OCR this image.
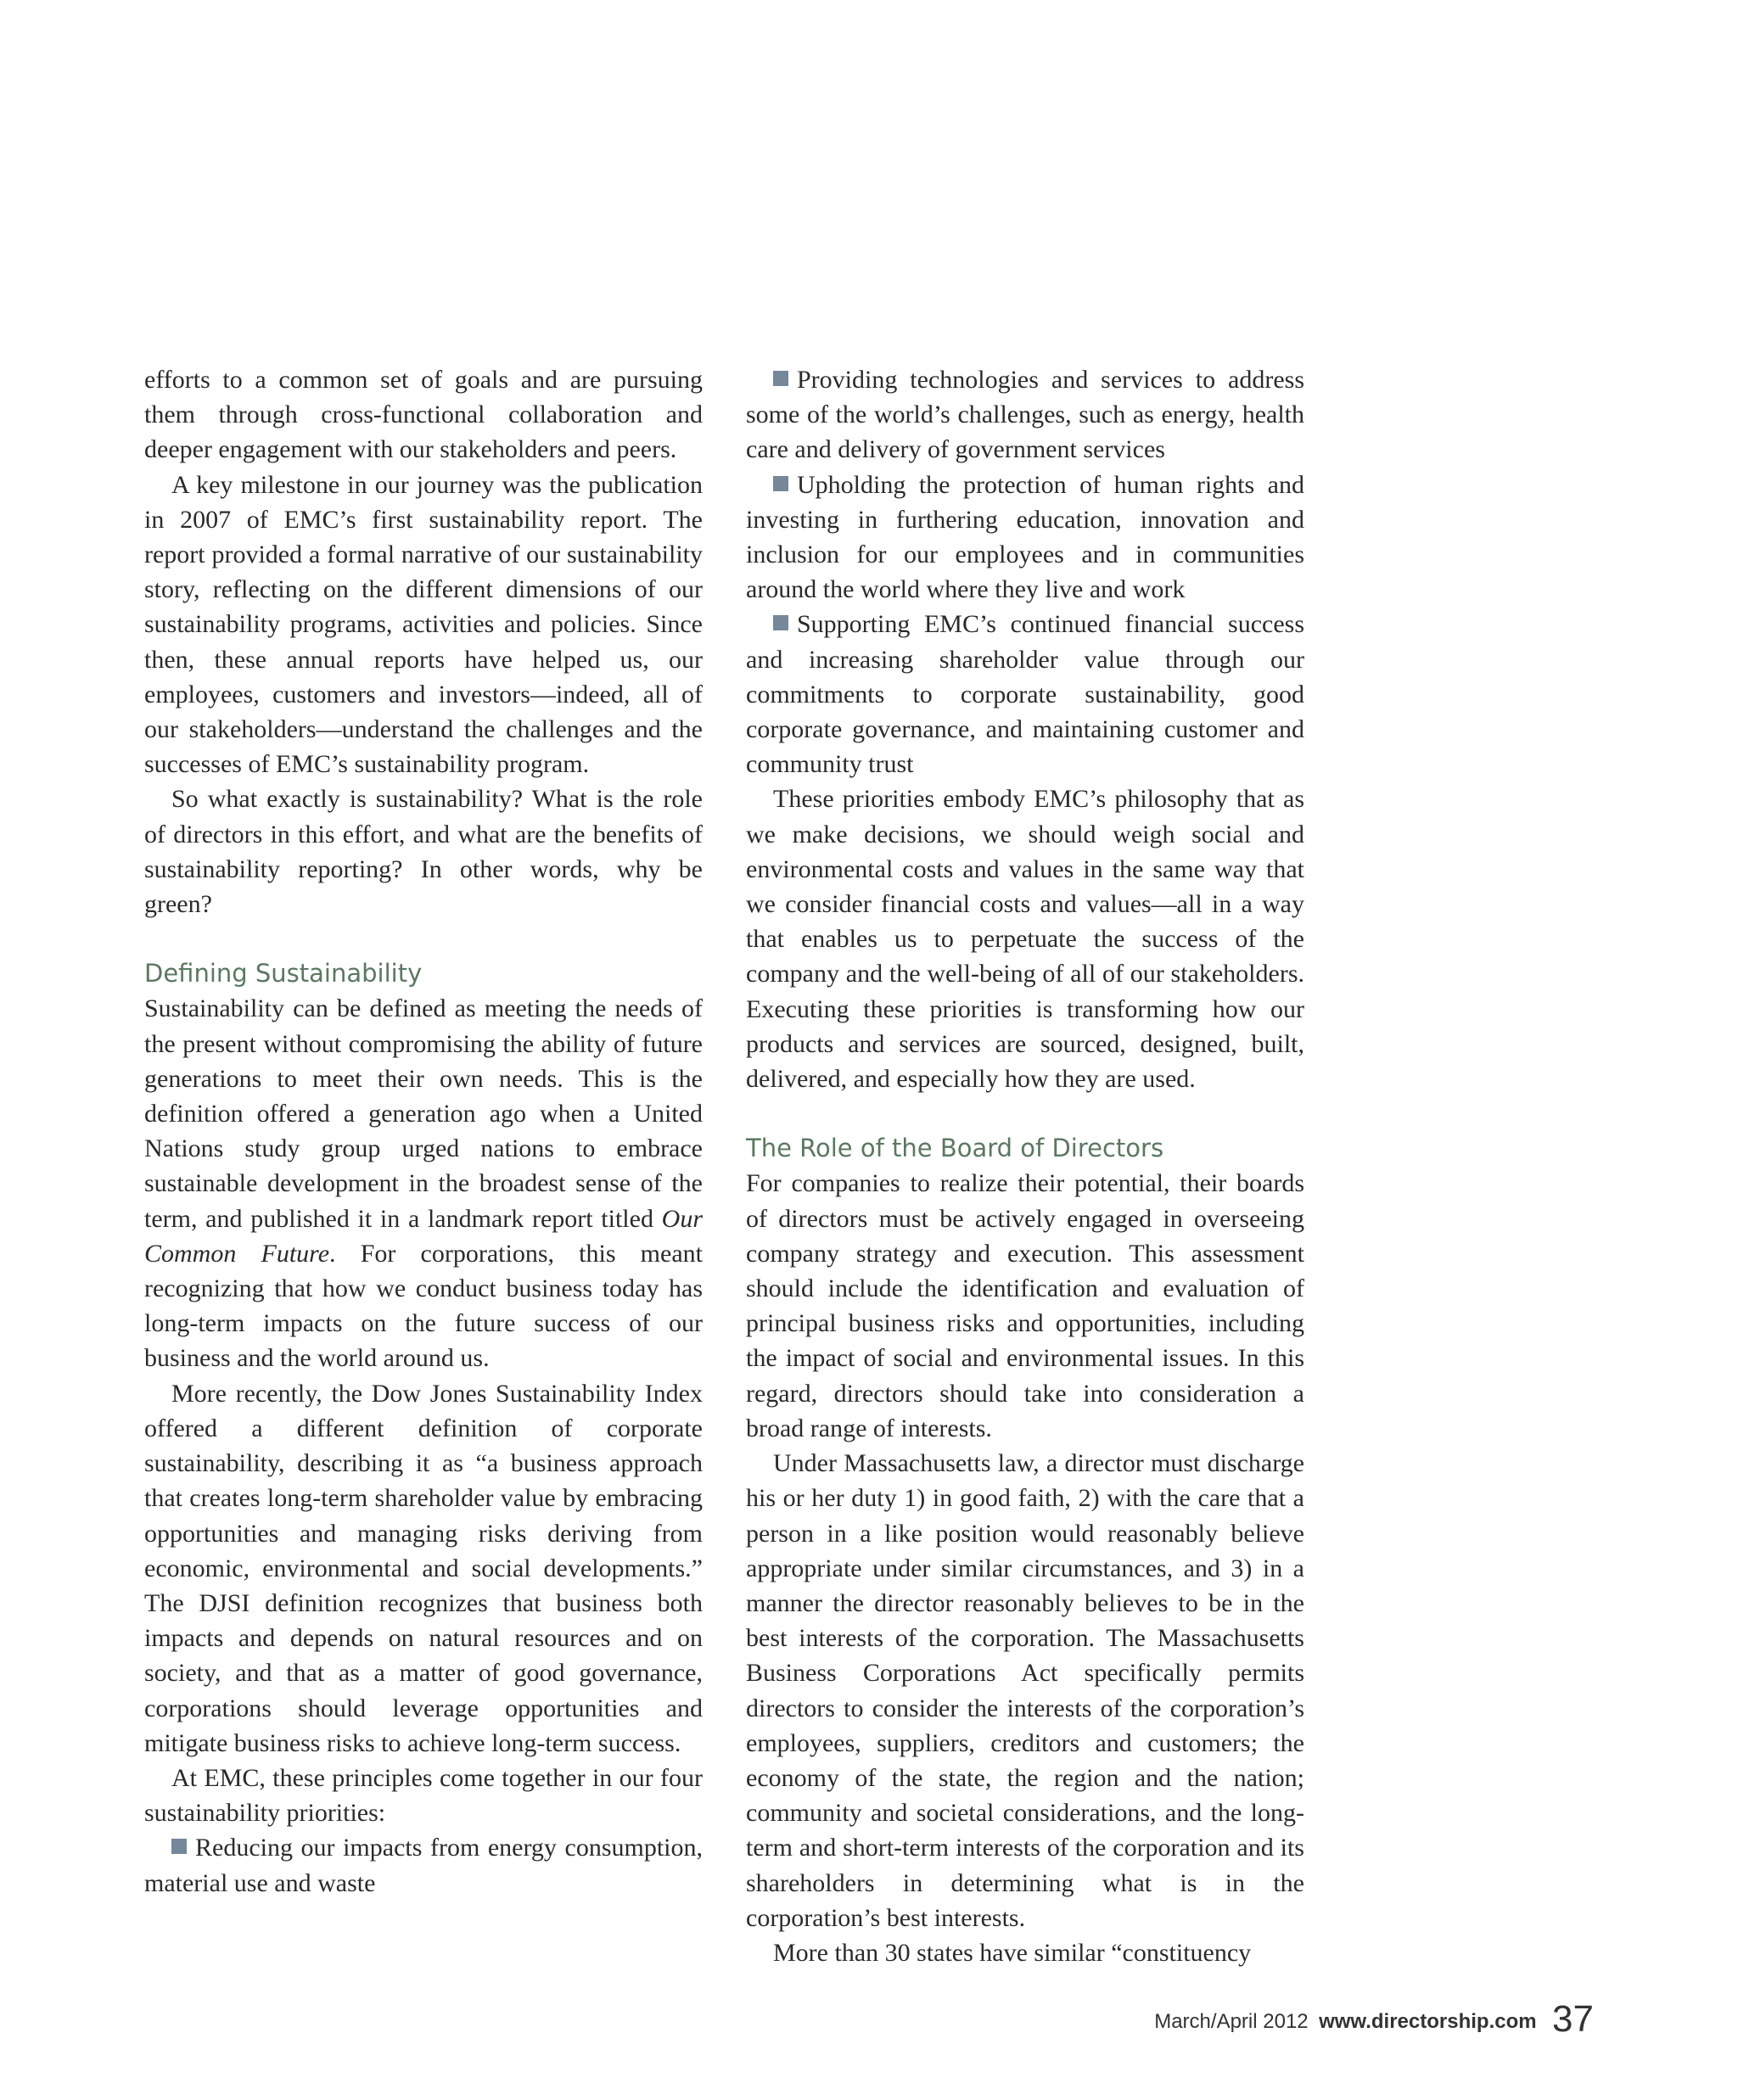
efforts to a common set of goals and are pursuing them through cross-functional collaboration and deeper engagement with our stakeholders and peers.

A key milestone in our journey was the publication in 2007 of EMC’s first sustainability report. The report provided a formal narrative of our sustainability story, reflecting on the different dimensions of our sustainability programs, activities and policies. Since then, these annual reports have helped us, our employees, customers and investors—indeed, all of our stakeholders—understand the challenges and the successes of EMC’s sustainability program.

So what exactly is sustainability? What is the role of directors in this effort, and what are the benefits of sustainability reporting? In other words, why be green?

Defining Sustainability

Sustainability can be defined as meeting the needs of the present without compromising the ability of future generations to meet their own needs. This is the definition offered a generation ago when a United Nations study group urged nations to embrace sustainable development in the broadest sense of the term, and published it in a landmark report titled Our Common Future. For corporations, this meant recognizing that how we conduct business today has long-term impacts on the future success of our business and the world around us.

More recently, the Dow Jones Sustainability Index offered a different definition of corporate sustainability, describing it as “a business approach that creates long-term shareholder value by embracing opportunities and managing risks deriving from economic, environmental and social developments.” The DJSI definition recognizes that business both impacts and depends on natural resources and on society, and that as a matter of good governance, corporations should leverage opportunities and mitigate business risks to achieve long-term success.

At EMC, these principles come together in our four sustainability priorities:

Reducing our impacts from energy consumption, material use and waste

Providing technologies and services to address some of the world’s challenges, such as energy, health care and delivery of government services

Upholding the protection of human rights and investing in furthering education, innovation and inclusion for our employees and in communities around the world where they live and work

Supporting EMC’s continued financial success and increasing shareholder value through our commitments to corporate sustainability, good corporate governance, and maintaining customer and community trust

These priorities embody EMC’s philosophy that as we make decisions, we should weigh social and environmental costs and values in the same way that we consider financial costs and values—all in a way that enables us to perpetuate the success of the company and the well-being of all of our stakeholders. Executing these priorities is transforming how our products and services are sourced, designed, built, delivered, and especially how they are used.

The Role of the Board of Directors

For companies to realize their potential, their boards of directors must be actively engaged in overseeing company strategy and execution. This assessment should include the identification and evaluation of principal business risks and opportunities, including the impact of social and environmental issues. In this regard, directors should take into consideration a broad range of interests.

Under Massachusetts law, a director must discharge his or her duty 1) in good faith, 2) with the care that a person in a like position would reasonably believe appropriate under similar circumstances, and 3) in a manner the director reasonably believes to be in the best interests of the corporation. The Massachusetts Business Corporations Act specifically permits directors to consider the interests of the corporation’s employees, suppliers, creditors and customers; the economy of the state, the region and the nation; community and societal considerations, and the long-term and short-term interests of the corporation and its shareholders in determining what is in the corporation’s best interests.

More than 30 states have similar “constituency

March/April 2012 www.directorship.com 37
